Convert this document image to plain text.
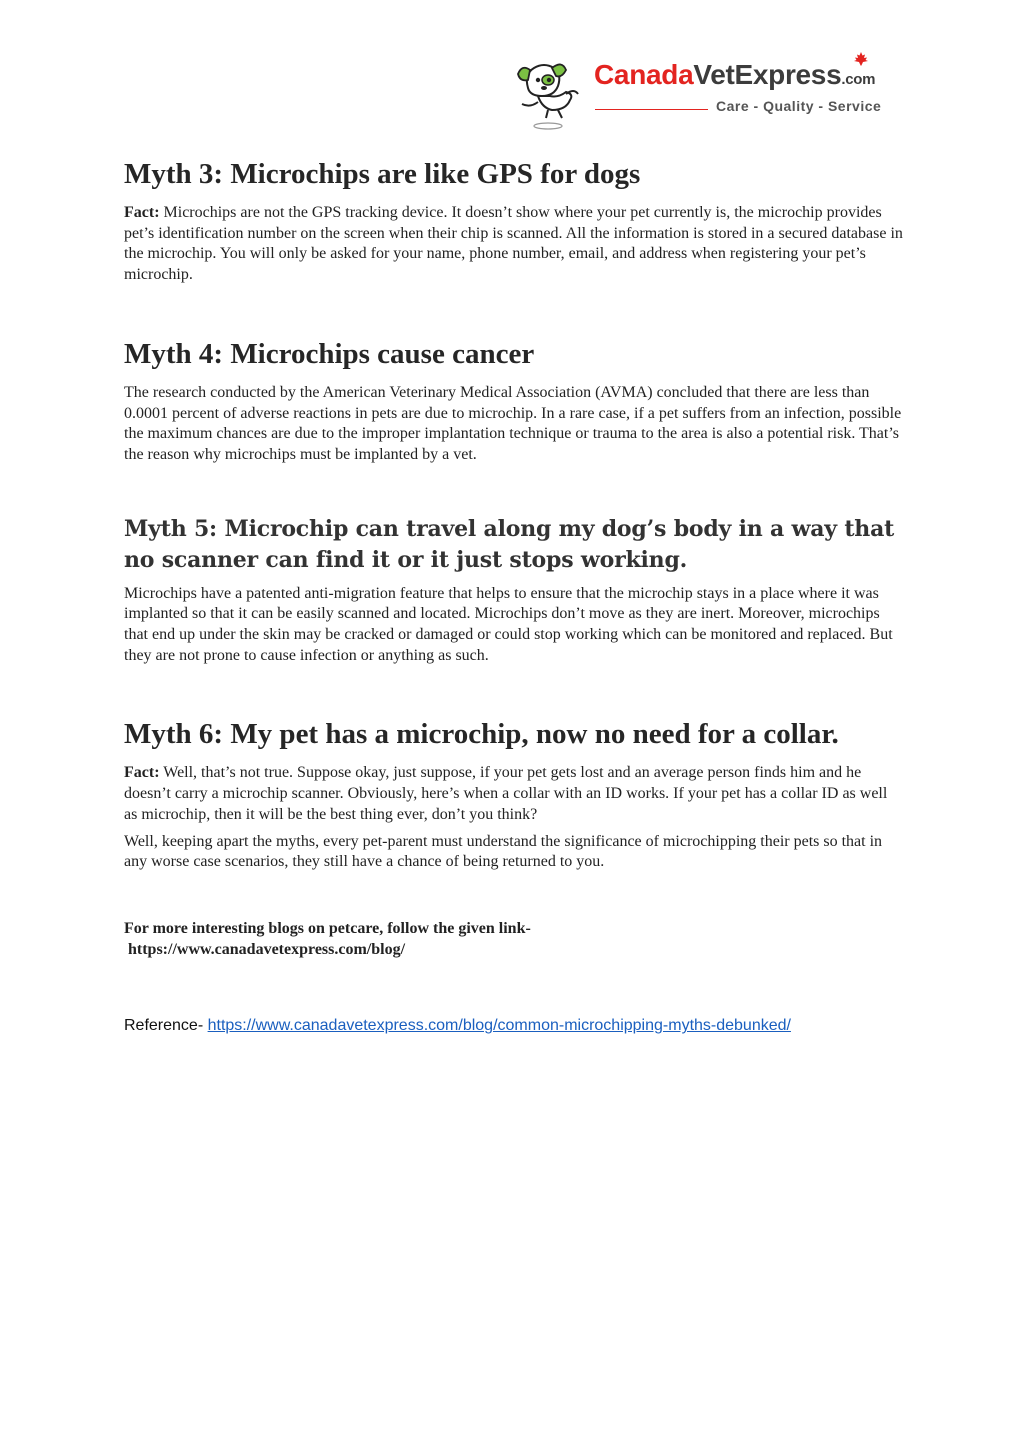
CanadaVetExpress.com
Care - Quality - Service
Myth 3: Microchips are like GPS for dogs

Fact: Microchips are not the GPS tracking device. It doesn’t show where your pet currently is, the microchip provides pet’s identification number on the screen when their chip is scanned. All the information is stored in a secured database in the microchip. You will only be asked for your name, phone number, email, and address when registering your pet’s microchip.

Myth 4: Microchips cause cancer

The research conducted by the American Veterinary Medical Association (AVMA) concluded that there are less than 0.0001 percent of adverse reactions in pets are due to microchip. In a rare case, if a pet suffers from an infection, possible the maximum chances are due to the improper implantation technique or trauma to the area is also a potential risk. That’s the reason why microchips must be implanted by a vet.

Myth 5: Microchip can travel along my dog’s body in a way that no scanner can find it or it just stops working.

Microchips have a patented anti-migration feature that helps to ensure that the microchip stays in a place where it was implanted so that it can be easily scanned and located. Microchips don’t move as they are inert. Moreover, microchips that end up under the skin may be cracked or damaged or could stop working which can be monitored and replaced. But they are not prone to cause infection or anything as such.

Myth 6: My pet has a microchip, now no need for a collar.

Fact: Well, that’s not true. Suppose okay, just suppose, if your pet gets lost and an average person finds him and he doesn’t carry a microchip scanner. Obviously, here’s when a collar with an ID works. If your pet has a collar ID as well as microchip, then it will be the best thing ever, don’t you think?

Well, keeping apart the myths, every pet-parent must understand the significance of microchipping their pets so that in any worse case scenarios, they still have a chance of being returned to you.

For more interesting blogs on petcare, follow the given link-

https://www.canadavetexpress.com/blog/

Reference- https://www.canadavetexpress.com/blog/common-microchipping-myths-debunked/
